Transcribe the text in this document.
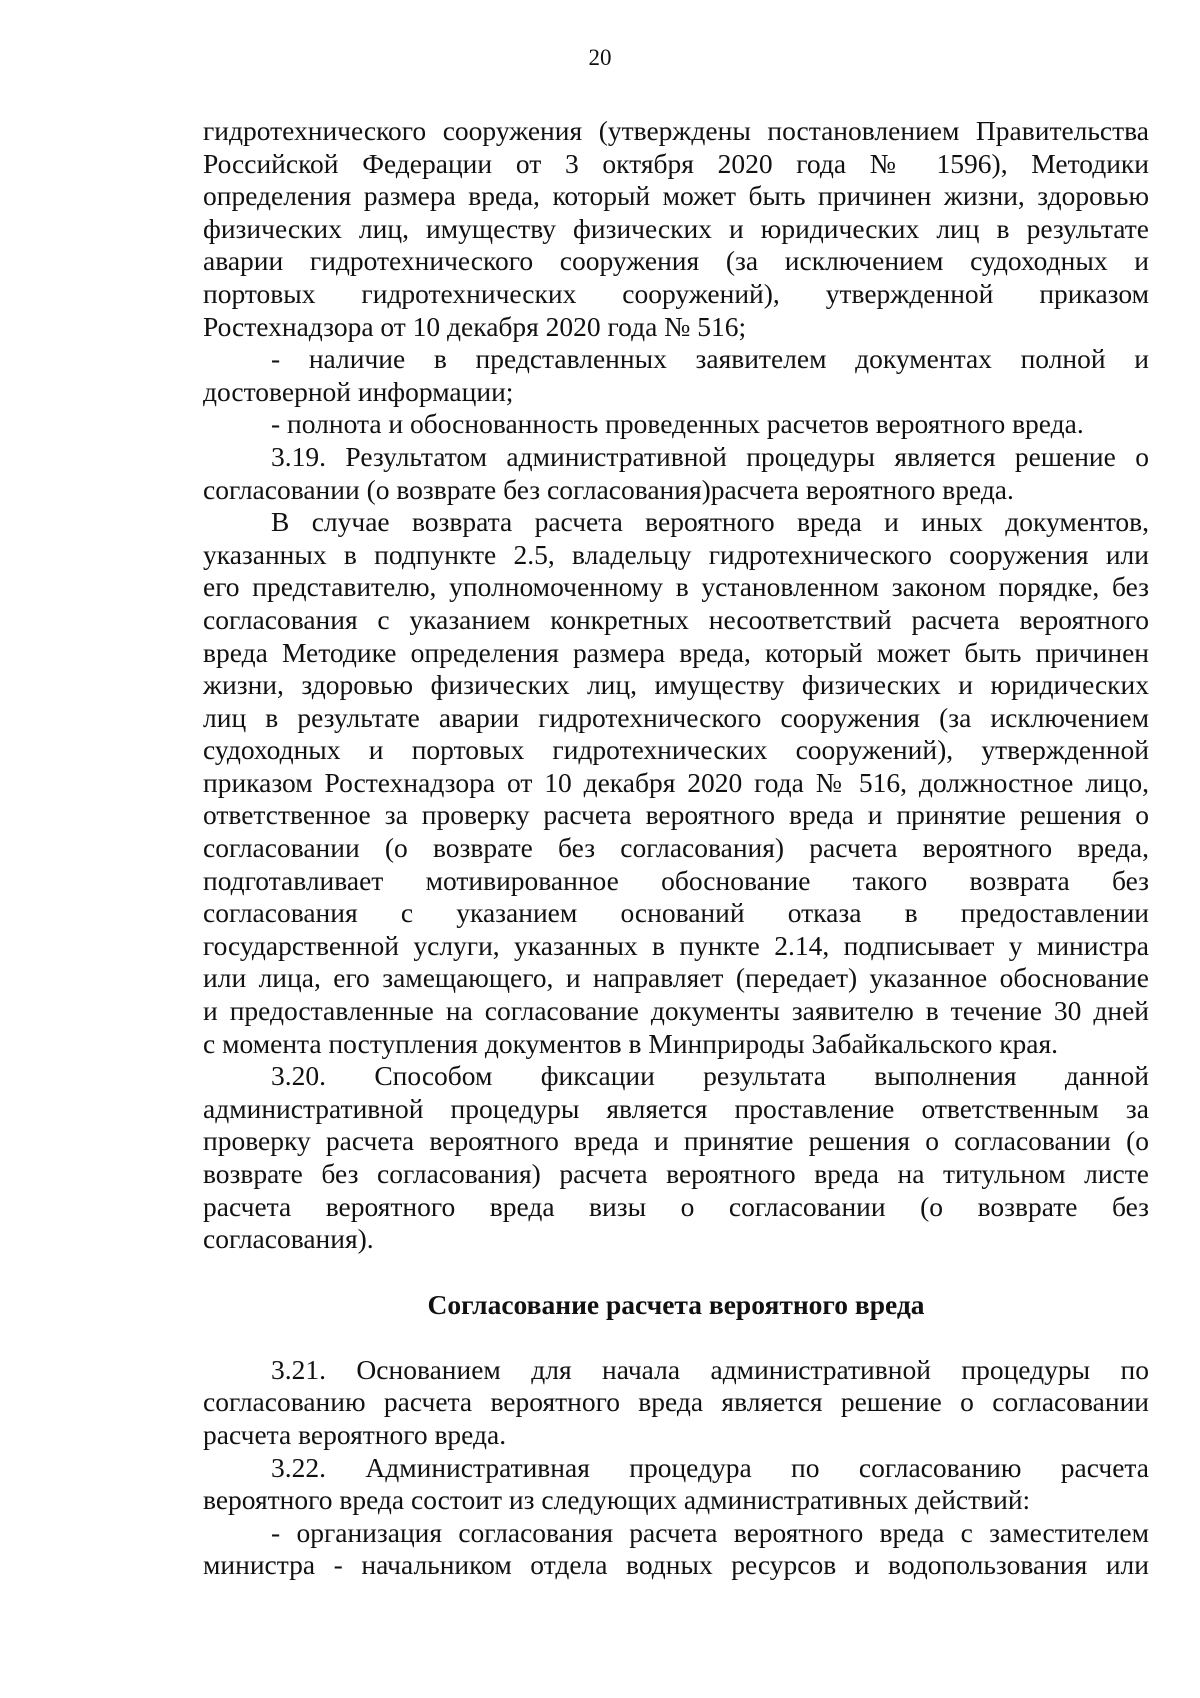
20
гидротехнического сооружения (утверждены постановлением Правительства
Российской Федерации от 3 октября 2020 года № 1596), Методики
определения размера вреда, который может быть причинен жизни, здоровью
физических лиц, имуществу физических и юридических лиц в результате
аварии гидротехнического сооружения (за исключением судоходных и
портовых гидротехнических сооружений), утвержденной приказом
Ростехнадзора от 10 декабря 2020 года № 516;
- наличие в представленных заявителем документах полной и
достоверной информации;
- полнота и обоснованность проведенных расчетов вероятного вреда.
3.19. Результатом административной процедуры является решение о
согласовании (о возврате без согласования)расчета вероятного вреда.
В случае возврата расчета вероятного вреда и иных документов,
указанных в подпункте 2.5, владельцу гидротехнического сооружения или
его представителю, уполномоченному в установленном законом порядке, без
согласования с указанием конкретных несоответствий расчета вероятного
вреда Методике определения размера вреда, который может быть причинен
жизни, здоровью физических лиц, имуществу физических и юридических
лиц в результате аварии гидротехнического сооружения (за исключением
судоходных и портовых гидротехнических сооружений), утвержденной
приказом Ростехнадзора от 10 декабря 2020 года № 516, должностное лицо,
ответственное за проверку расчета вероятного вреда и принятие решения о
согласовании (о возврате без согласования) расчета вероятного вреда,
подготавливает мотивированное обоснование такого возврата без
согласования с указанием оснований отказа в предоставлении
государственной услуги, указанных в пункте 2.14, подписывает у министра
или лица, его замещающего, и направляет (передает) указанное обоснование
и предоставленные на согласование документы заявителю в течение 30 дней
с момента поступления документов в Минприроды Забайкальского края.
3.20. Способом фиксации результата выполнения данной
административной процедуры является проставление ответственным за
проверку расчета вероятного вреда и принятие решения о согласовании (о
возврате без согласования) расчета вероятного вреда на титульном листе
расчета вероятного вреда визы о согласовании (о возврате без
согласования).
Согласование расчета вероятного вреда
3.21. Основанием для начала административной процедуры по
согласованию расчета вероятного вреда является решение о согласовании
расчета вероятного вреда.
3.22. Административная процедура по согласованию расчета
вероятного вреда состоит из следующих административных действий:
- организация согласования расчета вероятного вреда с заместителем
министра - начальником отдела водных ресурсов и водопользования или
